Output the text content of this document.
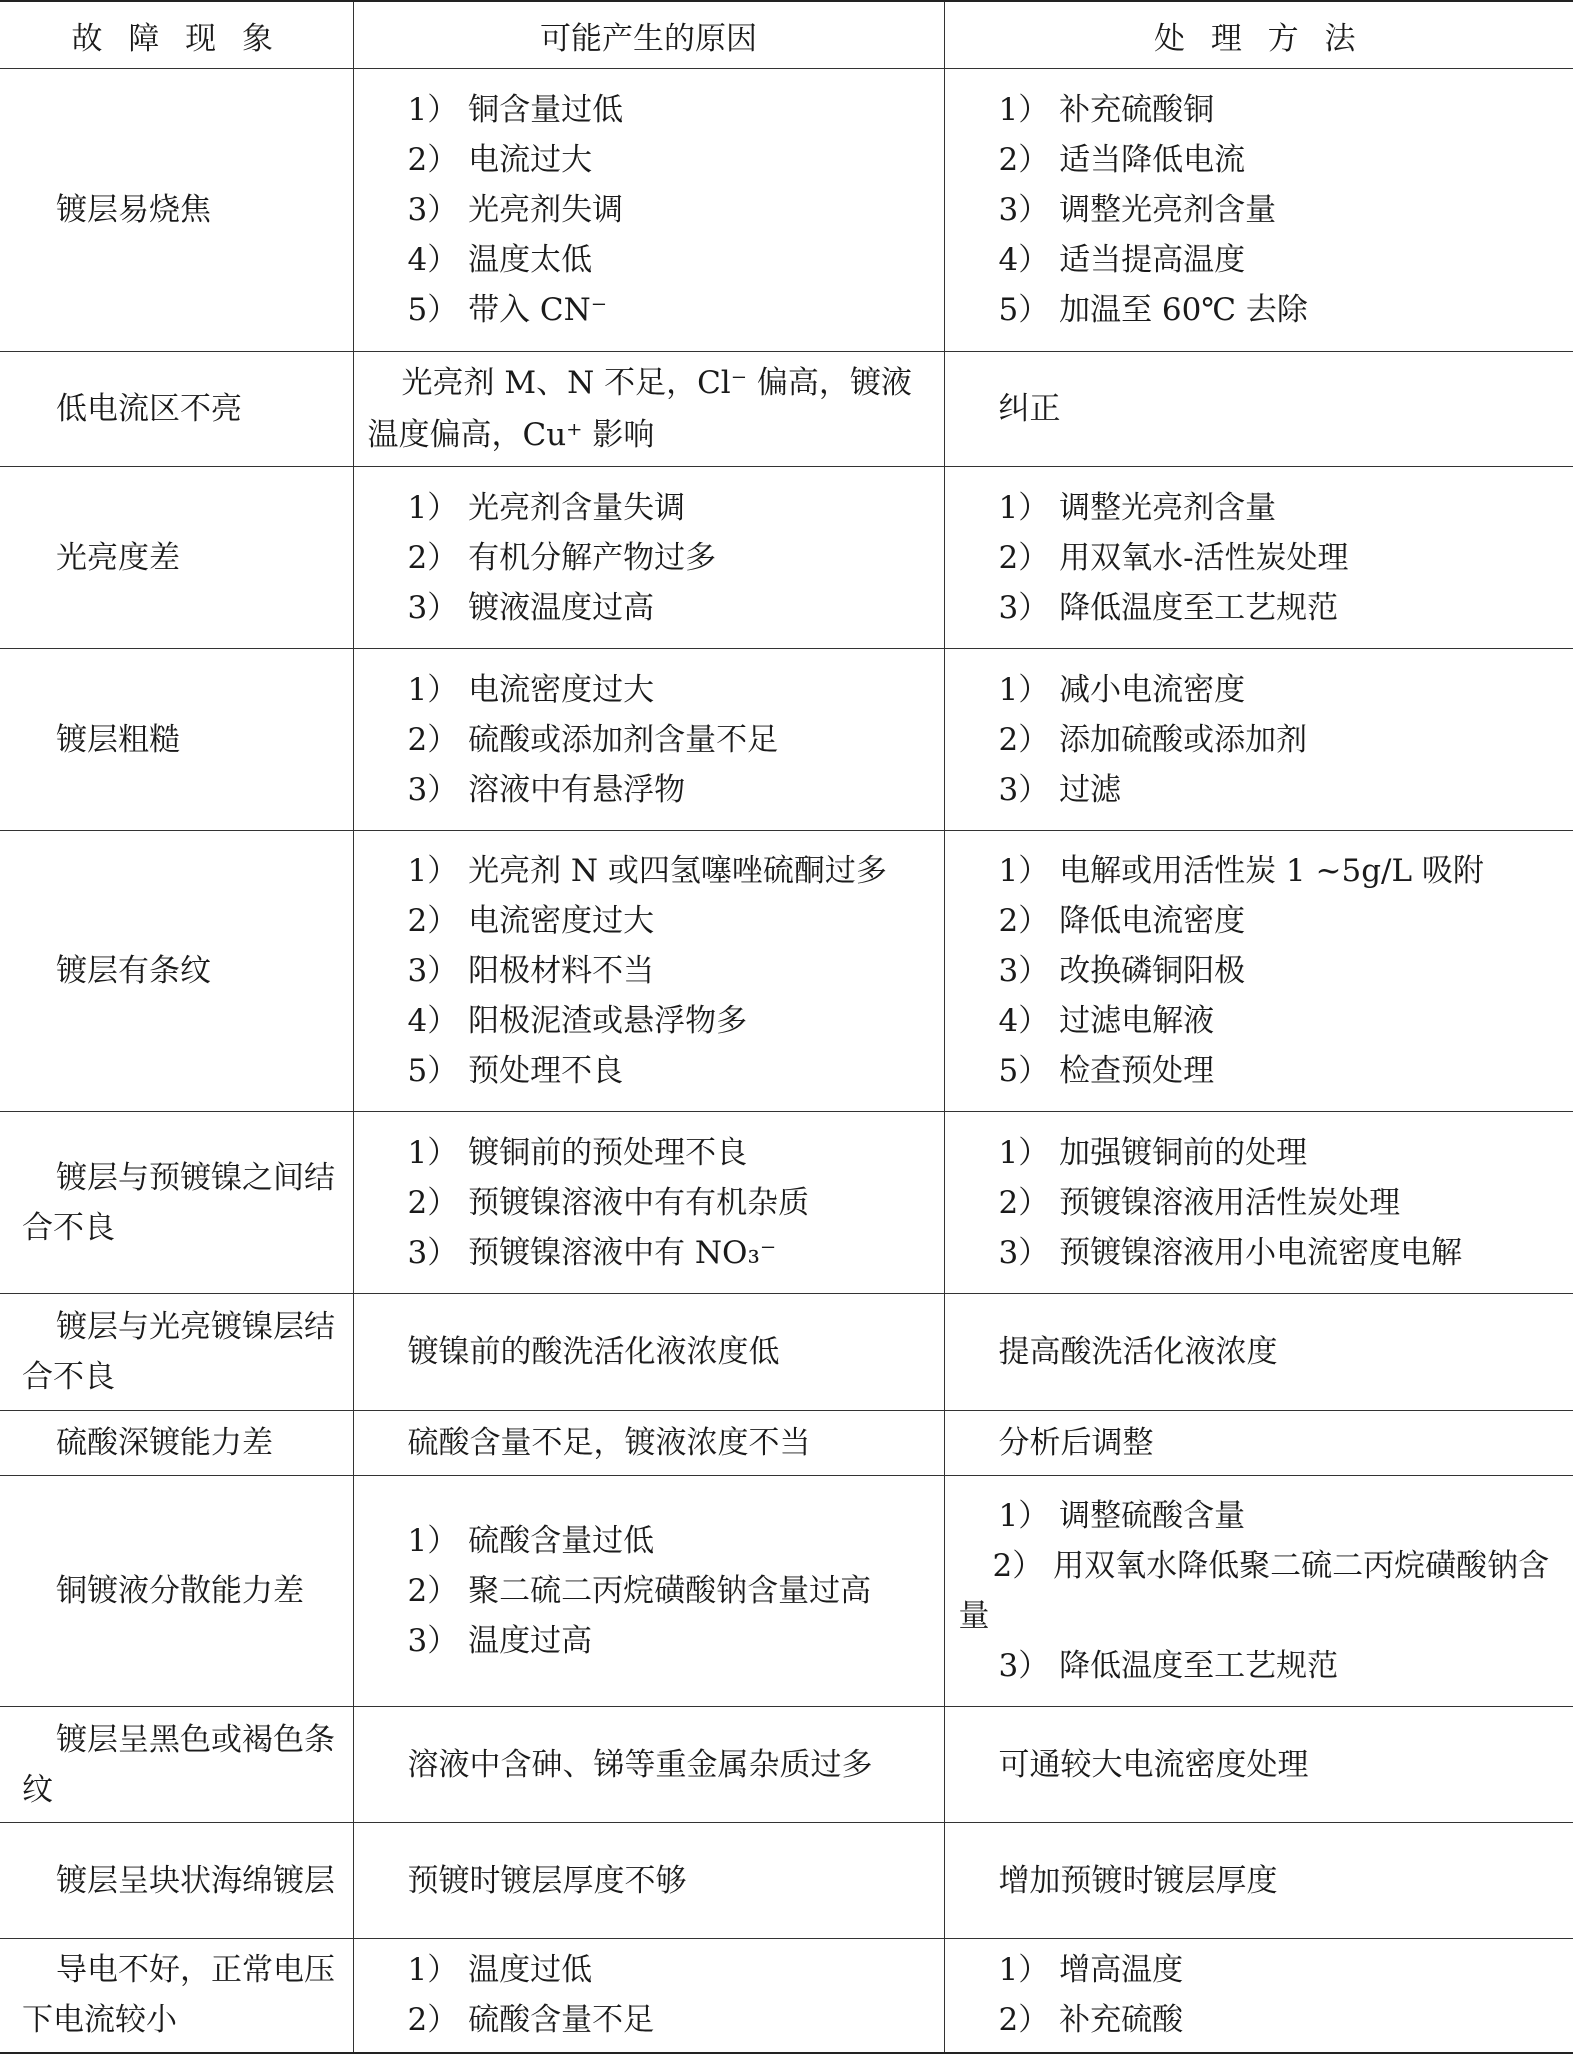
故 障 现 象	可能产生的原因	处 理 方 法

镀层易烧焦	1） 铜含量过低
2） 电流过大
3） 光亮剂失调
4） 温度太低
5） 带入 CN⁻	1） 补充硫酸铜
2） 适当降低电流
3） 调整光亮剂含量
4） 适当提高温度
5） 加温至 60℃ 去除

低电流区不亮	光亮剂 M、N 不足，Cl⁻ 偏高，镀液温度偏高，Cu⁺ 影响	纠正

光亮度差	1） 光亮剂含量失调
2） 有机分解产物过多
3） 镀液温度过高	1） 调整光亮剂含量
2） 用双氧水-活性炭处理
3） 降低温度至工艺规范

镀层粗糙	1） 电流密度过大
2） 硫酸或添加剂含量不足
3） 溶液中有悬浮物	1） 减小电流密度
2） 添加硫酸或添加剂
3） 过滤

镀层有条纹	1） 光亮剂 N 或四氢噻唑硫酮过多
2） 电流密度过大
3） 阳极材料不当
4） 阳极泥渣或悬浮物多
5） 预处理不良	1） 电解或用活性炭 1 ~5g/L 吸附
2） 降低电流密度
3） 改换磷铜阳极
4） 过滤电解液
5） 检查预处理

镀层与预镀镍之间结合不良	1） 镀铜前的预处理不良
2） 预镀镍溶液中有有机杂质
3） 预镀镍溶液中有 NO₃⁻	1） 加强镀铜前的处理
2） 预镀镍溶液用活性炭处理
3） 预镀镍溶液用小电流密度电解

镀层与光亮镀镍层结合不良	镀镍前的酸洗活化液浓度低	提高酸洗活化液浓度

硫酸深镀能力差	硫酸含量不足，镀液浓度不当	分析后调整

铜镀液分散能力差	1） 硫酸含量过低
2） 聚二硫二丙烷磺酸钠含量过高
3） 温度过高	1） 调整硫酸含量
2） 用双氧水降低聚二硫二丙烷磺酸钠含量
3） 降低温度至工艺规范

镀层呈黑色或褐色条纹	溶液中含砷、锑等重金属杂质过多	可通较大电流密度处理

镀层呈块状海绵镀层	预镀时镀层厚度不够	增加预镀时镀层厚度

导电不好，正常电压下电流较小	1） 温度过低
2） 硫酸含量不足	1） 增高温度
2） 补充硫酸
